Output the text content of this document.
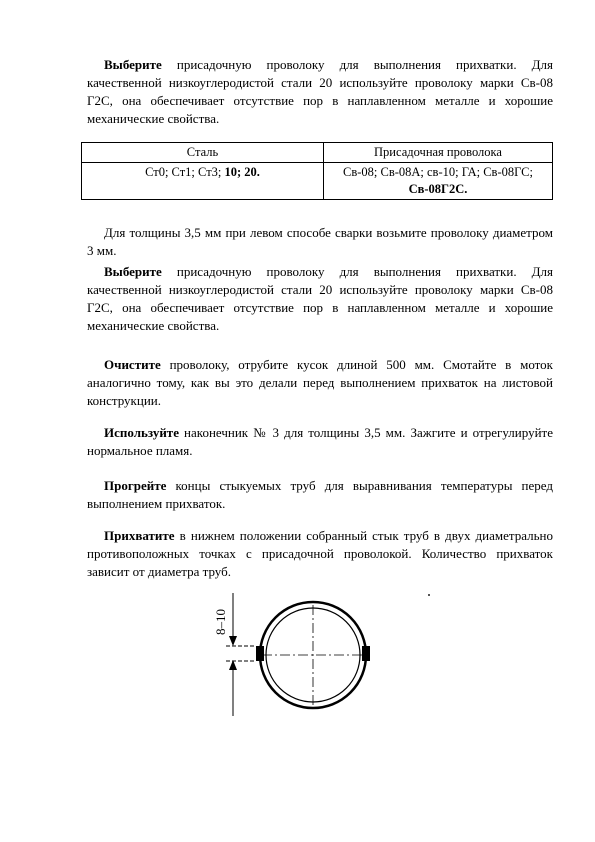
Выберите присадочную проволоку для выполнения прихватки. Для качественной низкоуглеродистой стали 20 используйте проволоку марки Св-08 Г2С, она обеспечивает отсутствие пор в наплавленном металле и хорошие механические свойства.

Сталь	Присадочная проволока
Ст0; Ст1; Ст3; 10; 20.	Св-08; Св-08А; св-10; ГА; Св-08ГС;
Св-08Г2С.

Для толщины 3,5 мм при левом способе сварки возьмите проволоку диаметром 3 мм.

Выберите присадочную проволоку для выполнения прихватки. Для качественной низкоуглеродистой стали 20 используйте проволоку марки Св-08 Г2С, она обеспечивает отсутствие пор в наплавленном металле и хорошие механические свойства.

Очистите проволоку, отрубите кусок длиной 500 мм. Смотайте в моток аналогично тому, как вы это делали перед выполнением прихваток на листовой конструкции.

Используйте наконечник № 3 для толщины 3,5 мм. Зажгите и отрегулируйте нормальное пламя.

Прогрейте концы стыкуемых труб для выравнивания температуры перед выполнением прихваток.

Прихватите в нижнем положении собранный стык труб в двух диаметрально противоположных точках с присадочной проволокой. Количество прихваток зависит от диаметра труб.

8–10
